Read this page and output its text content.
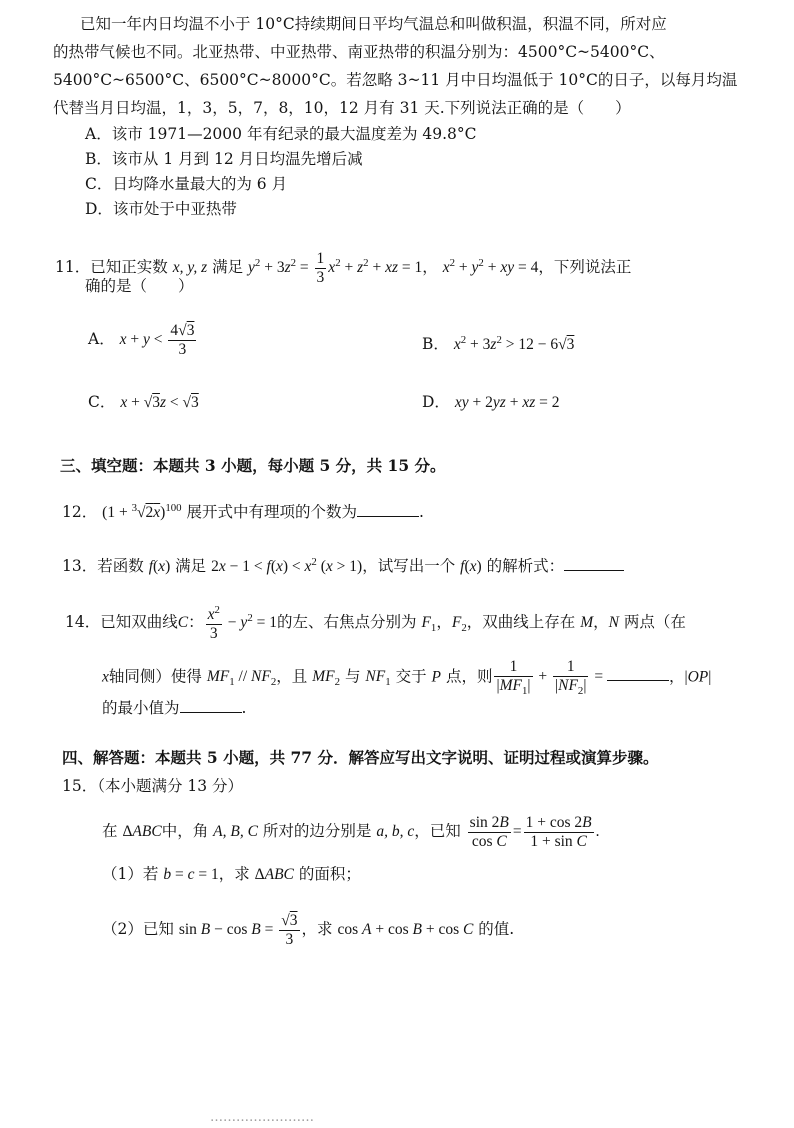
已知一年内日均温不小于 10°C持续期间日平均气温总和叫做积温，积温不同，所对应
的热带气候也不同。北亚热带、中亚热带、南亚热带的积温分别为：4500°C~5400°C、
5400°C~6500°C、6500°C~8000°C。若忽略 3~11 月中日均温低于 10°C的日子，以每月均温
代替当月日均温，1，3，5，7，8，10，12 月有 31 天.下列说法正确的是（　　）
A．该市 1971—2000 年有纪录的最大温度差为 49.8°C
B．该市从 1 月到 12 月日均温先增后减
C．日均降水量最大的为 6 月
D．该市处于中亚热带
11．已知正实数 x, y, z 满足 $y^2 + 3z^2 = \frac{1}{3} x^2 + z^2$ + xz = 1， $x^2 + y^2$ + xy = 4，下列说法正
确的是（　　）
A． $x + y < \frac{4√3}{3}$	B． $x^2 + 3z^2 > 12 - 6√3$
C． x + √3z < √3	D． xy + 2yz + xz = 2
三、填空题：本题共 3 小题，每小题 5 分，共 15 分。
12． $(1 + ^3√2x)^{100}$ 展开式中有理项的个数为	.
13．若函数 f(x) 满足 $2x - 1 < f(x) < x^2$ (x > 1)，试写出一个 f(x) 的解析式：
14．已知双曲线C： $\frac{x^2}{3} - y^2 = 1$的左、右焦点分别为 $F_1$，$F_2$，双曲线上存在 M，N 两点（在
x轴同侧）使得 $MF_1 // NF_2$，且 $MF_2$ 与 $NF_1$ 交于 P 点，则 $\frac{1}{|MF_1|} + \frac{1}{|NF_2|}$ =	，|OP|
的最小值为	.
四、解答题：本题共 5 小题，共 77 分．解答应写出文字说明、证明过程或演算步骤。
15．（本小题满分 13 分）
在 ΔABC中，角 A, B, C 所对的边分别是 a, b, c，已知 $\frac{\sin 2B}{\text{cos C}} = \frac{1 + \cos 2B}{\text{1 + sin C}}$ .
（1）若 b = c = 1，求 ΔABC 的面积；
（2）已知 $\sin B - \cos B = \frac{√3}{3}$ ，求 cos A + cos B + cos C 的值.
……………………
